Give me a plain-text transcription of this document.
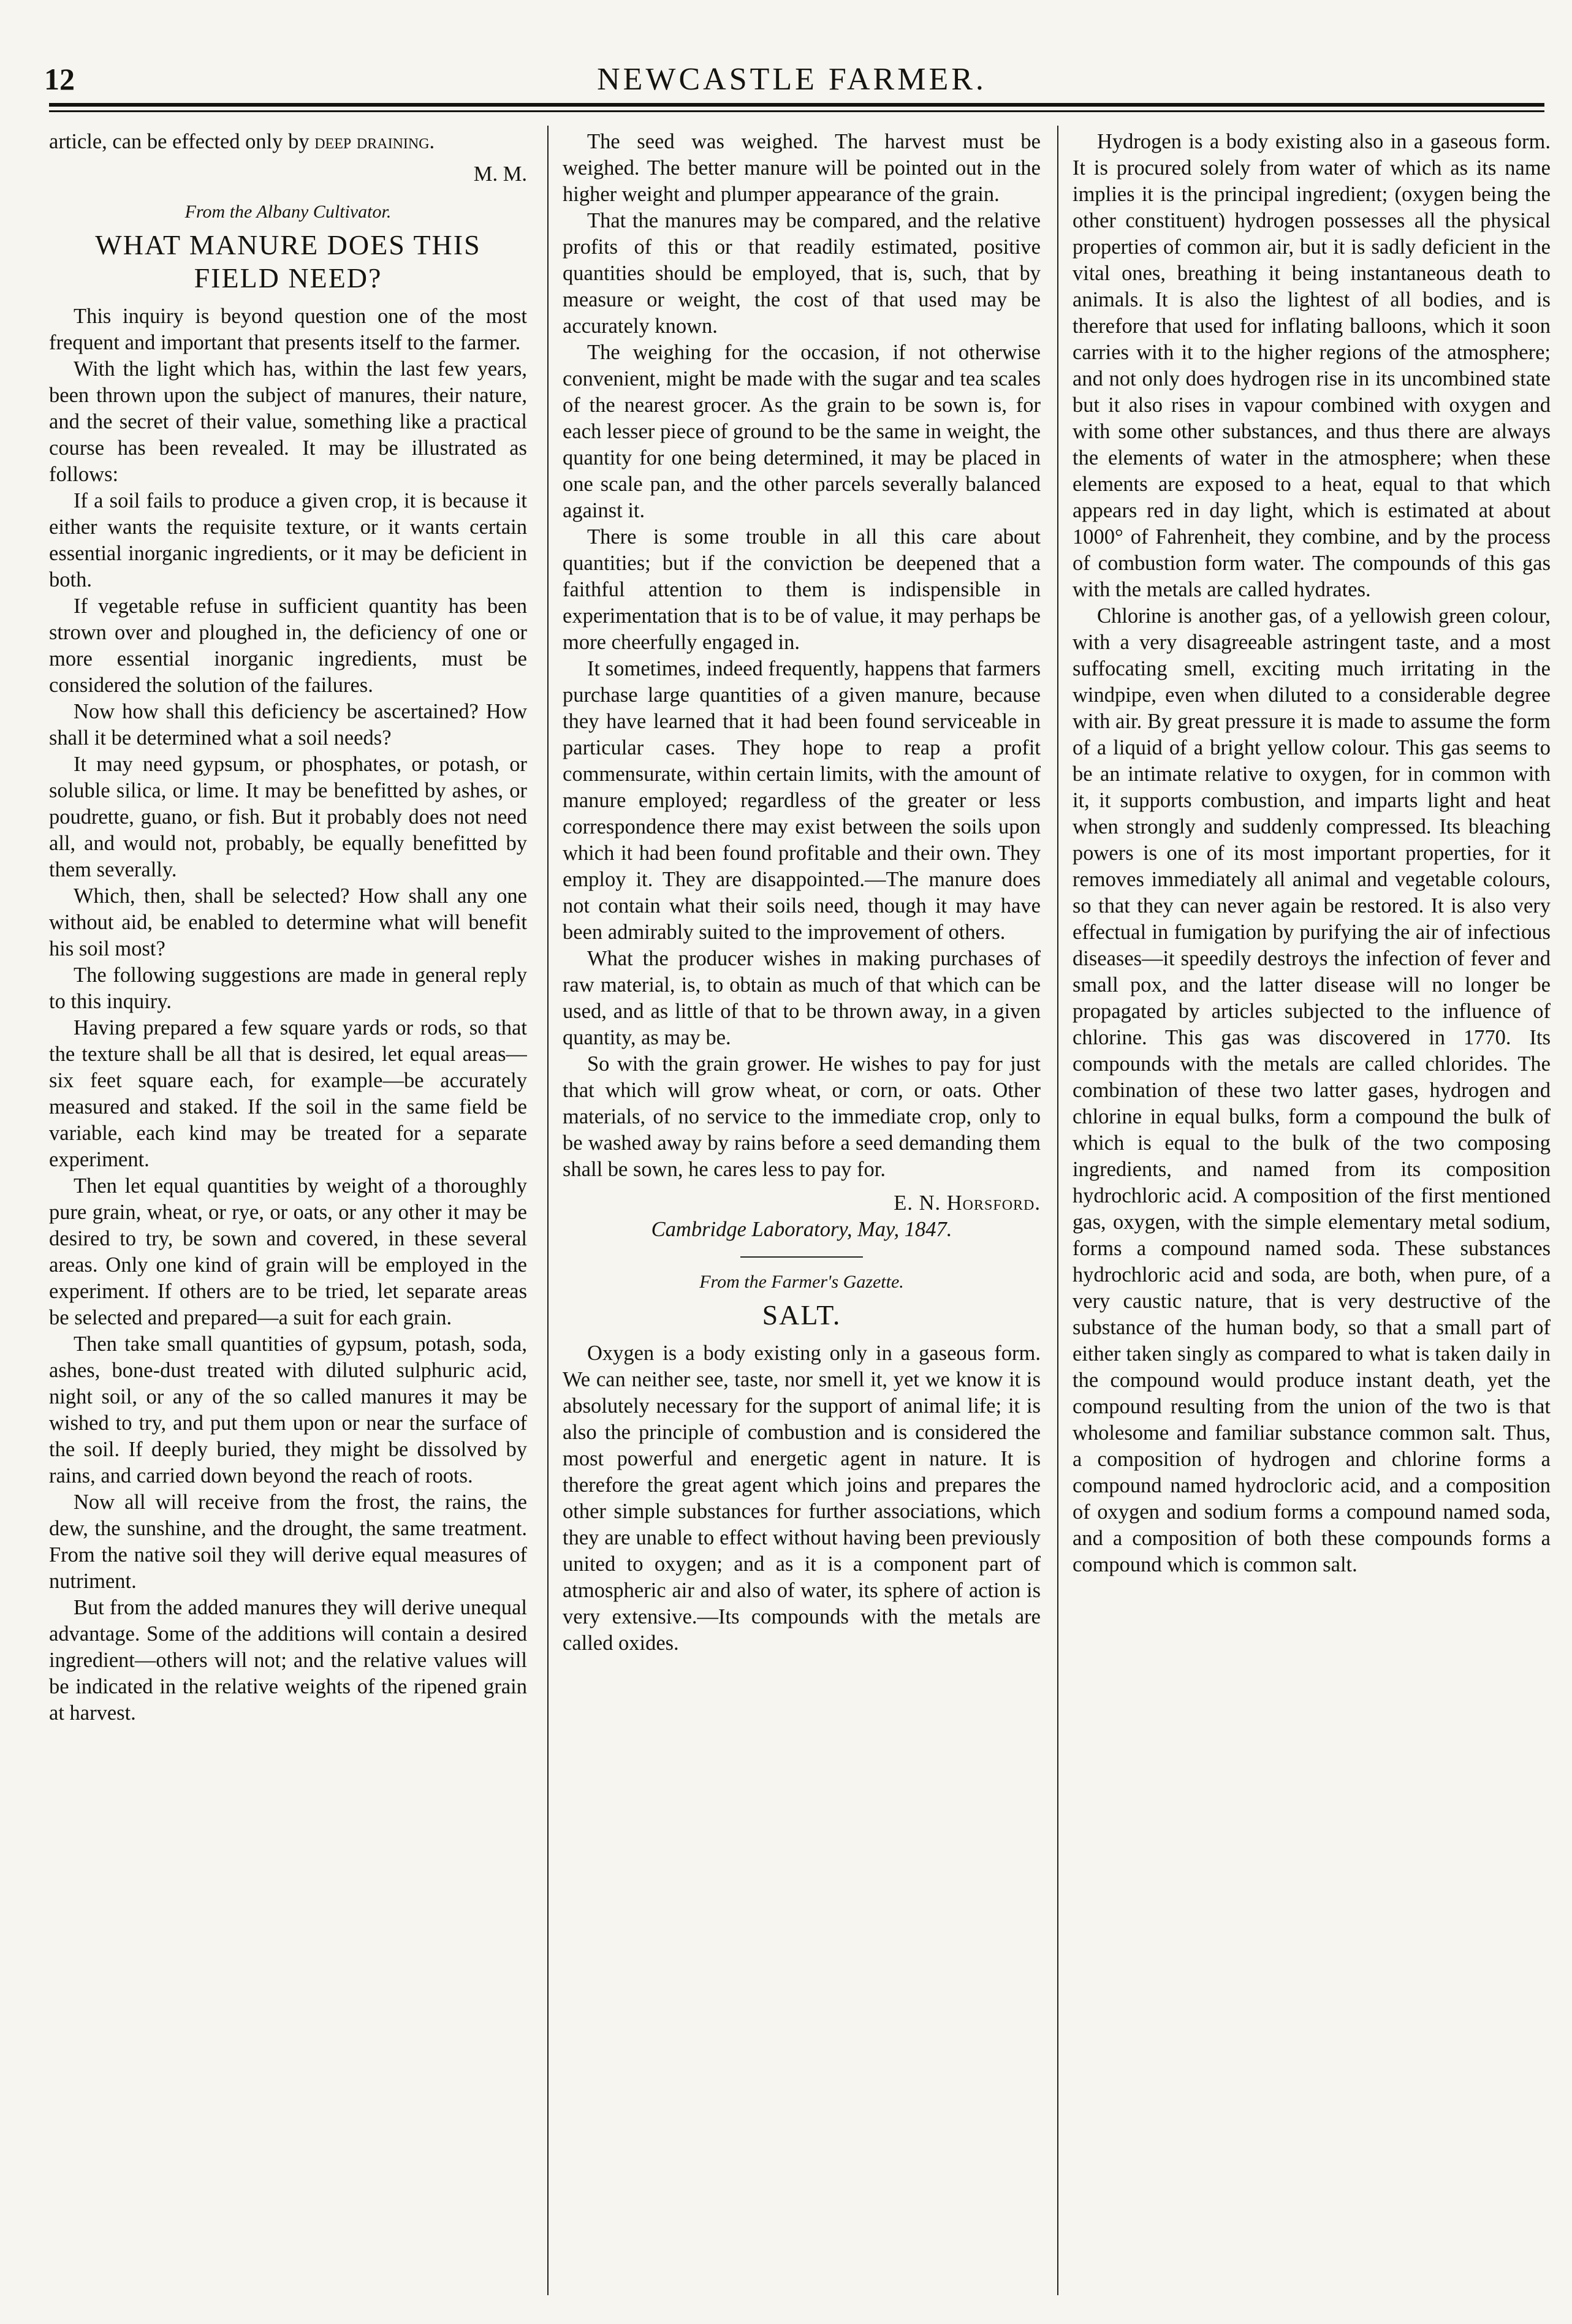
12	NEWCASTLE FARMER.

article, can be effected only by deep draining.

M. M.

From the Albany Cultivator.
WHAT MANURE DOES THIS FIELD NEED?

This inquiry is beyond question one of the most frequent and important that presents itself to the farmer.

With the light which has, within the last few years, been thrown upon the subject of manures, their nature, and the secret of their value, something like a practical course has been revealed. It may be illustrated as follows:

If a soil fails to produce a given crop, it is because it either wants the requisite texture, or it wants certain essential inorganic ingredients, or it may be deficient in both.

If vegetable refuse in sufficient quantity has been strown over and ploughed in, the deficiency of one or more essential inorganic ingredients, must be considered the solution of the failures.

Now how shall this deficiency be ascertained? How shall it be determined what a soil needs?

It may need gypsum, or phosphates, or potash, or soluble silica, or lime. It may be benefitted by ashes, or poudrette, guano, or fish. But it probably does not need all, and would not, probably, be equally benefitted by them severally.

Which, then, shall be selected? How shall any one without aid, be enabled to determine what will benefit his soil most?

The following suggestions are made in general reply to this inquiry.

Having prepared a few square yards or rods, so that the texture shall be all that is desired, let equal areas—six feet square each, for example—be accurately measured and staked. If the soil in the same field be variable, each kind may be treated for a separate experiment.

Then let equal quantities by weight of a thoroughly pure grain, wheat, or rye, or oats, or any other it may be desired to try, be sown and covered, in these several areas. Only one kind of grain will be employed in the experiment. If others are to be tried, let separate areas be selected and prepared—a suit for each grain.

Then take small quantities of gypsum, potash, soda, ashes, bone-dust treated with diluted sulphuric acid, night soil, or any of the so called manures it may be wished to try, and put them upon or near the surface of the soil. If deeply buried, they might be dissolved by rains, and carried down beyond the reach of roots.

Now all will receive from the frost, the rains, the dew, the sunshine, and the drought, the same treatment. From the native soil they will derive equal measures of nutriment.

But from the added manures they will derive unequal advantage. Some of the additions will contain a desired ingredient—others will not; and the relative values will be indicated in the relative weights of the ripened grain at harvest.

The seed was weighed. The harvest must be weighed. The better manure will be pointed out in the higher weight and plumper appearance of the grain.

That the manures may be compared, and the relative profits of this or that readily estimated, positive quantities should be employed, that is, such, that by measure or weight, the cost of that used may be accurately known.

The weighing for the occasion, if not otherwise convenient, might be made with the sugar and tea scales of the nearest grocer. As the grain to be sown is, for each lesser piece of ground to be the same in weight, the quantity for one being determined, it may be placed in one scale pan, and the other parcels severally balanced against it.

There is some trouble in all this care about quantities; but if the conviction be deepened that a faithful attention to them is indispensible in experimentation that is to be of value, it may perhaps be more cheerfully engaged in.

It sometimes, indeed frequently, happens that farmers purchase large quantities of a given manure, because they have learned that it had been found serviceable in particular cases. They hope to reap a profit commensurate, within certain limits, with the amount of manure employed; regardless of the greater or less correspondence there may exist between the soils upon which it had been found profitable and their own. They employ it. They are disappointed.—The manure does not contain what their soils need, though it may have been admirably suited to the improvement of others.

What the producer wishes in making purchases of raw material, is, to obtain as much of that which can be used, and as little of that to be thrown away, in a given quantity, as may be.

So with the grain grower. He wishes to pay for just that which will grow wheat, or corn, or oats. Other materials, of no service to the immediate crop, only to be washed away by rains before a seed demanding them shall be sown, he cares less to pay for.

E. N. Horsford.
Cambridge Laboratory, May, 1847.
From the Farmer's Gazette.
SALT.

Oxygen is a body existing only in a gaseous form. We can neither see, taste, nor smell it, yet we know it is absolutely necessary for the support of animal life; it is also the principle of combustion and is considered the most powerful and energetic agent in nature. It is therefore the great agent which joins and prepares the other simple substances for further associations, which they are unable to effect without having been previously united to oxygen; and as it is a component part of atmospheric air and also of water, its sphere of action is very extensive.—Its compounds with the metals are called oxides.

Hydrogen is a body existing also in a gaseous form. It is procured solely from water of which as its name implies it is the principal ingredient; (oxygen being the other constituent) hydrogen possesses all the physical properties of common air, but it is sadly deficient in the vital ones, breathing it being instantaneous death to animals. It is also the lightest of all bodies, and is therefore that used for inflating balloons, which it soon carries with it to the higher regions of the atmosphere; and not only does hydrogen rise in its uncombined state but it also rises in vapour combined with oxygen and with some other substances, and thus there are always the elements of water in the atmosphere; when these elements are exposed to a heat, equal to that which appears red in day light, which is estimated at about 1000° of Fahrenheit, they combine, and by the process of combustion form water. The compounds of this gas with the metals are called hydrates.

Chlorine is another gas, of a yellowish green colour, with a very disagreeable astringent taste, and a most suffocating smell, exciting much irritating in the windpipe, even when diluted to a considerable degree with air. By great pressure it is made to assume the form of a liquid of a bright yellow colour. This gas seems to be an intimate relative to oxygen, for in common with it, it supports combustion, and imparts light and heat when strongly and suddenly compressed. Its bleaching powers is one of its most important properties, for it removes immediately all animal and vegetable colours, so that they can never again be restored. It is also very effectual in fumigation by purifying the air of infectious diseases—it speedily destroys the infection of fever and small pox, and the latter disease will no longer be propagated by articles subjected to the influence of chlorine. This gas was discovered in 1770. Its compounds with the metals are called chlorides. The combination of these two latter gases, hydrogen and chlorine in equal bulks, form a compound the bulk of which is equal to the bulk of the two composing ingredients, and named from its composition hydrochloric acid. A composition of the first mentioned gas, oxygen, with the simple elementary metal sodium, forms a compound named soda. These substances hydrochloric acid and soda, are both, when pure, of a very caustic nature, that is very destructive of the substance of the human body, so that a small part of either taken singly as compared to what is taken daily in the compound would produce instant death, yet the compound resulting from the union of the two is that wholesome and familiar substance common salt. Thus, a composition of hydrogen and chlorine forms a compound named hydrocloric acid, and a composition of oxygen and sodium forms a compound named soda, and a composition of both these compounds forms a compound which is common salt.
